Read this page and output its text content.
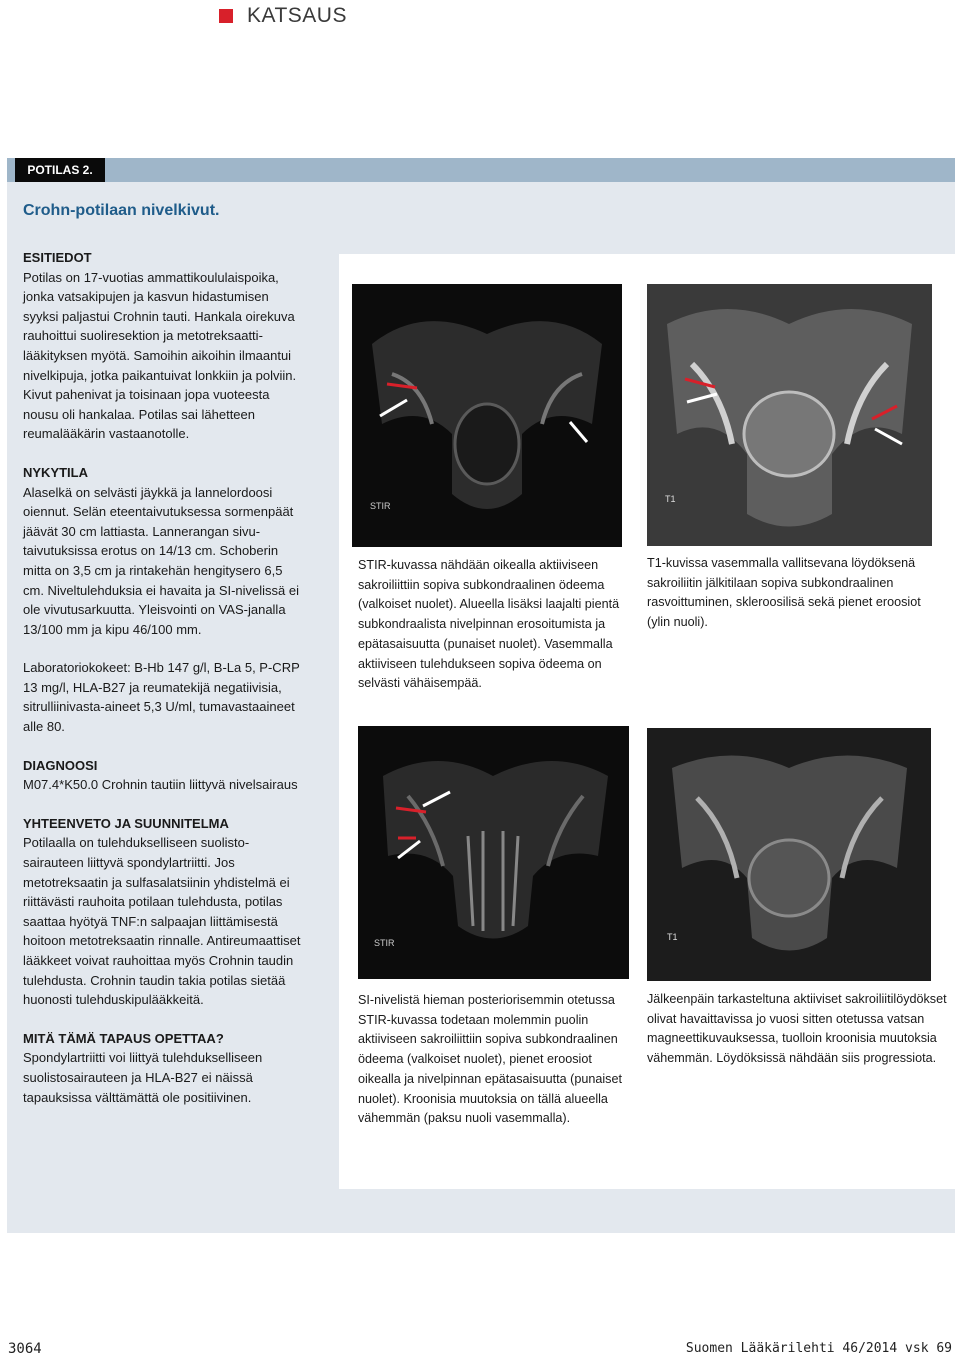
KATSAUS
POTILAS 2.
Crohn-potilaan nivelkivut.
ESITIEDOT

Potilas on 17-vuotias ammattikoululaispoika, jonka vatsakipujen ja kasvun hidastumisen syyksi paljastui Crohnin tauti. Hankala oirekuva rauhoittui suoliresektion ja metotreksaattilääkityksen myötä. Samoihin aikoihin ilmaantui nivelkipuja, jotka paikantuivat lonkkiin ja polviin. Kivut pahenivat ja toisinaan jopa vuoteesta nousu oli hankalaa. Potilas sai lähetteen reumalääkärin vastaanotolle.

NYKYTILA

Alaselkä on selvästi jäykkä ja lannelordoosi oiennut. Selän eteentaivutuksessa sormenpäät jäävät 30 cm lattiasta. Lannerangan sivutaivutuksissa erotus on 14/13 cm. Schoberin mitta on 3,5 cm ja rintakehän hengitysero 6,5 cm. Niveltulehduksia ei havaita ja SI-nivelissä ei ole vivutusarkuutta. Yleisvointi on VAS-janalla 13/100 mm ja kipu 46/100 mm.

Laboratoriokokeet: B-Hb 147 g/l, B-La 5, P-CRP 13 mg/l, HLA-B27 ja reumatekijä negatiivisia, sitrulliinivasta-aineet 5,3 U/ml, tumavastaaineet alle 80.

DIAGNOOSI

M07.4*K50.0 Crohnin tautiin liittyvä nivelsairaus

YHTEENVETO JA SUUNNITELMA

Potilaalla on tulehdukselliseen suolistosairauteen liittyvä spondylartriitti. Jos metotreksaatin ja sulfasalatsiinin yhdistelmä ei riittävästi rauhoita potilaan tulehdusta, potilas saattaa hyötyä TNF:n salpaajan liittämisestä hoitoon metotreksaatin rinnalle. Antireumaattiset lääkkeet voivat rauhoittaa myös Crohnin taudin tulehdusta. Crohnin taudin takia potilas sietää huonosti tulehduskipulääkkeitä.

MITÄ TÄMÄ TAPAUS OPETTAA?

Spondylartriitti voi liittyä tulehdukselliseen suolistosairauteen ja HLA-B27 ei näissä tapauksissa välttämättä ole positiivinen.

STIR
STIR-kuvassa nähdään oikealla aktiiviseen sakroiliittiin sopiva subkondraalinen ödeema (valkoiset nuolet). Alueella lisäksi laajalti pientä subkondraalista nivelpinnan erosoitumista ja epätasaisuutta (punaiset nuolet). Vasemmalla aktiiviseen tulehdukseen sopiva ödeema on selvästi vähäisempää.
T1
T1-kuvissa vasemmalla vallitsevana löydöksenä sakroiliitin jälkitilaan sopiva subkondraalinen rasvoittuminen, skleroosilisä sekä pienet eroosiot (ylin nuoli).
STIR
SI-nivelistä hieman posteriorisemmin otetussa STIR-kuvassa todetaan molemmin puolin aktiiviseen sakroiliittiin sopiva subkondraalinen ödeema (valkoiset nuolet), pienet eroosiot oikealla ja nivelpinnan epätasaisuutta (punaiset nuolet). Kroonisia muutoksia on tällä alueella vähemmän (paksu nuoli vasemmalla).
T1
Jälkeenpäin tarkasteltuna aktiiviset sakroiliitilöydökset olivat havaittavissa jo vuosi sitten otetussa vatsan magneettikuvauksessa, tuolloin kroonisia muutoksia vähemmän. Löydöksissä nähdään siis progressiota.
3064	Suomen Lääkärilehti 46/2014 vsk 69
